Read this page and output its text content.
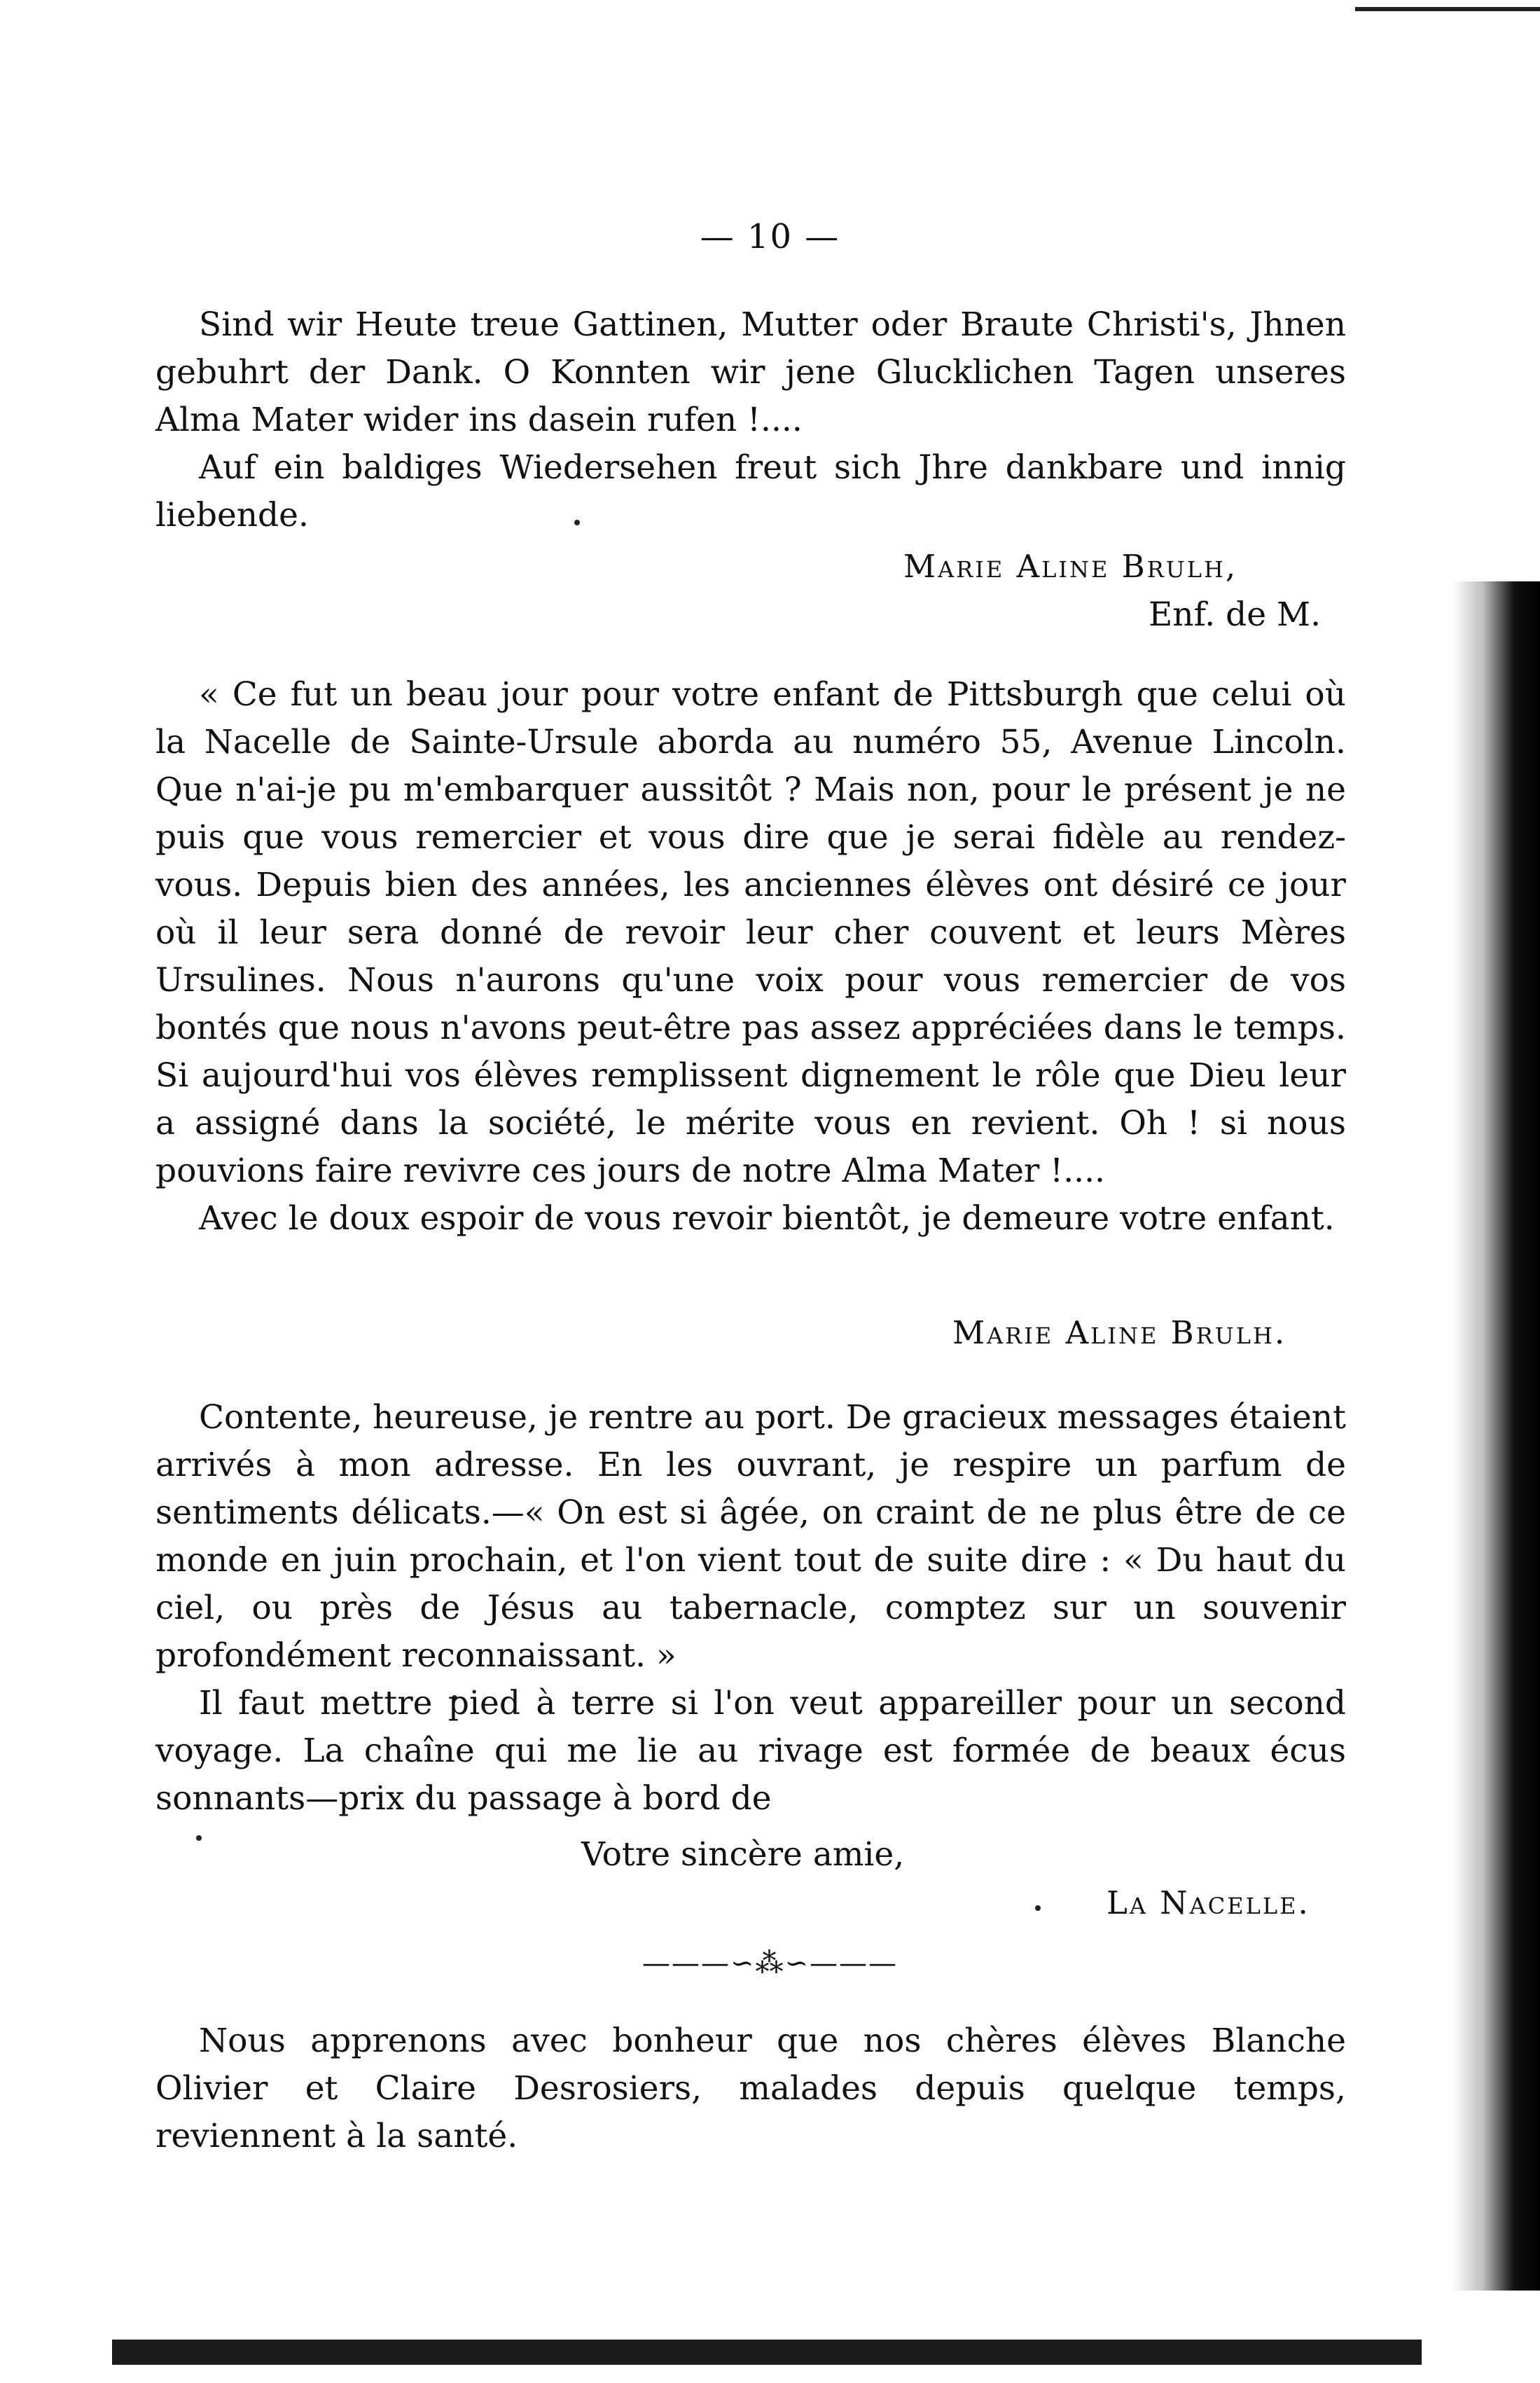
— 10 —

Sind wir Heute treue Gattinen, Mutter oder Braute Christi's, Jhnen gebuhrt der Dank. O Konnten wir jene Glucklichen Tagen unseres Alma Mater wider ins dasein rufen !....

Auf ein baldiges Wiedersehen freut sich Jhre dankbare und innig liebende.

Marie Aline Brulh,
Enf. de M.

« Ce fut un beau jour pour votre enfant de Pittsburgh que celui où la Nacelle de Sainte-Ursule aborda au numéro 55, Avenue Lincoln. Que n'ai-je pu m'embarquer aussitôt ? Mais non, pour le présent je ne puis que vous remercier et vous dire que je serai fidèle au rendez-vous. Depuis bien des années, les anciennes élèves ont désiré ce jour où il leur sera donné de revoir leur cher couvent et leurs Mères Ursulines. Nous n'aurons qu'une voix pour vous remercier de vos bontés que nous n'avons peut-être pas assez appréciées dans le temps. Si aujourd'hui vos élèves remplissent dignement le rôle que Dieu leur a assigné dans la société, le mérite vous en revient. Oh ! si nous pouvions faire revivre ces jours de notre Alma Mater !....

Avec le doux espoir de vous revoir bientôt, je demeure votre enfant.

Marie Aline Brulh.

Contente, heureuse, je rentre au port. De gracieux messages étaient arrivés à mon adresse. En les ouvrant, je respire un parfum de sentiments délicats.—« On est si âgée, on craint de ne plus être de ce monde en juin prochain, et l'on vient tout de suite dire : « Du haut du ciel, ou près de Jésus au tabernacle, comptez sur un souvenir profondément reconnaissant. »

Il faut mettre pied à terre si l'on veut appareiller pour un second voyage. La chaîne qui me lie au rivage est formée de beaux écus sonnants—prix du passage à bord de

Votre sincère amie,
La Nacelle.
———∽⁂∽———

Nous apprenons avec bonheur que nos chères élèves Blanche Olivier et Claire Desrosiers, malades depuis quelque temps, reviennent à la santé.
